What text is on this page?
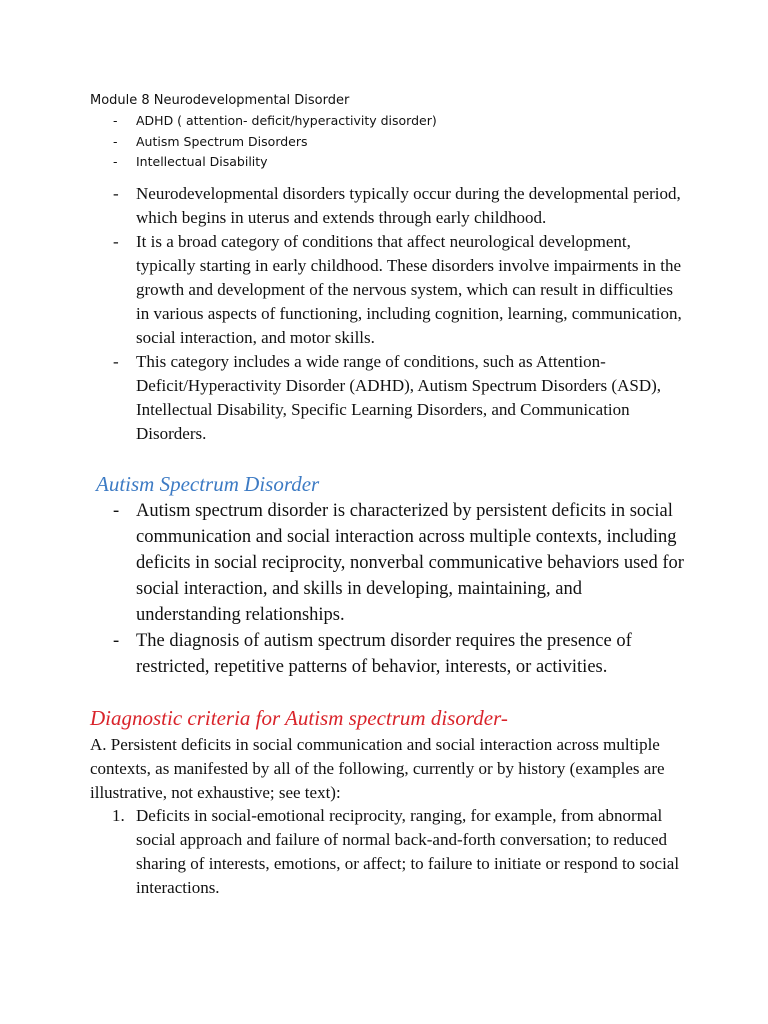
Module 8 Neurodevelopmental Disorder
- ADHD ( attention- deficit/hyperactivity disorder)
- Autism Spectrum Disorders
- Intellectual Disability
- Neurodevelopmental disorders typically occur during the developmental period, which begins in uterus and extends through early childhood.
- It is a broad category of conditions that affect neurological development, typically starting in early childhood. These disorders involve impairments in the growth and development of the nervous system, which can result in difficulties in various aspects of functioning, including cognition, learning, communication, social interaction, and motor skills.
- This category includes a wide range of conditions, such as Attention-Deficit/Hyperactivity Disorder (ADHD), Autism Spectrum Disorders (ASD), Intellectual Disability, Specific Learning Disorders, and Communication Disorders.
Autism Spectrum Disorder
- Autism spectrum disorder is characterized by persistent deficits in social communication and social interaction across multiple contexts, including deficits in social reciprocity, nonverbal communicative behaviors used for social interaction, and skills in developing, maintaining, and understanding relationships.
- The diagnosis of autism spectrum disorder requires the presence of restricted, repetitive patterns of behavior, interests, or activities.
Diagnostic criteria for Autism spectrum disorder-

A. Persistent deficits in social communication and social interaction across multiple contexts, as manifested by all of the following, currently or by history (examples are illustrative, not exhaustive; see text):

1. Deficits in social-emotional reciprocity, ranging, for example, from abnormal social approach and failure of normal back-and-forth conversation; to reduced sharing of interests, emotions, or affect; to failure to initiate or respond to social interactions.
